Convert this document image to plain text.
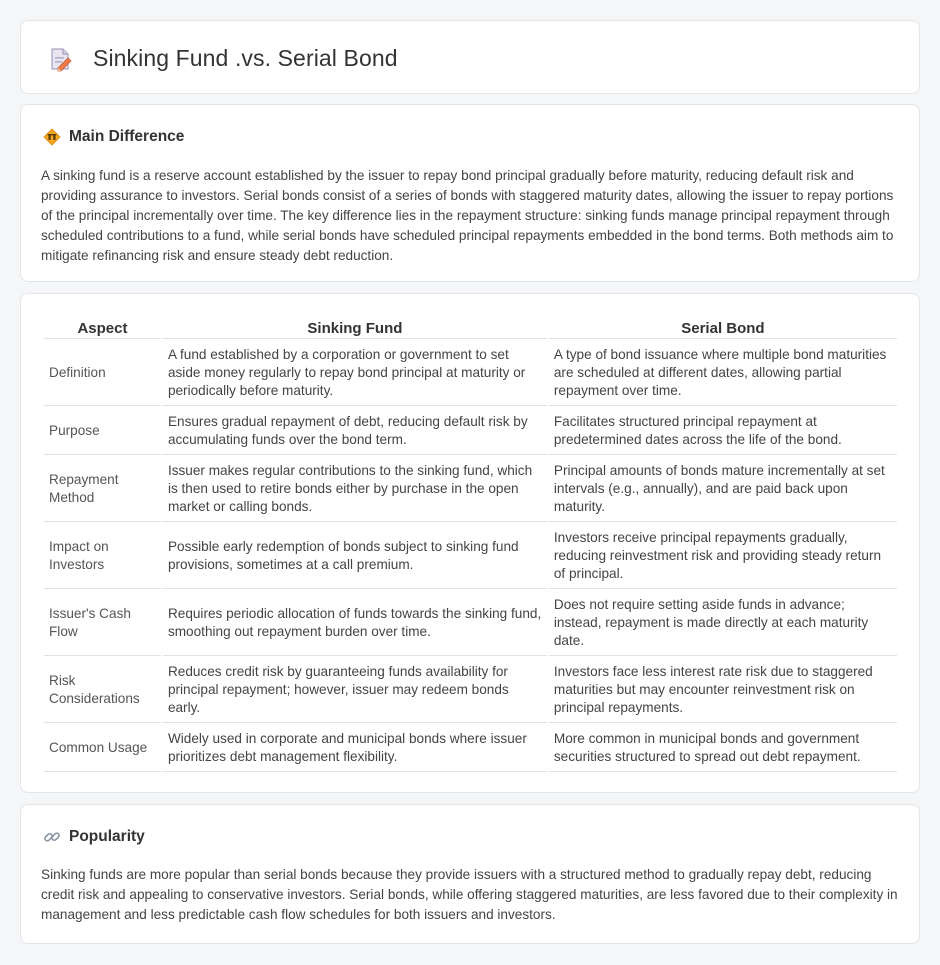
Sinking Fund .vs. Serial Bond
Main Difference

A sinking fund is a reserve account established by the issuer to repay bond principal gradually before maturity, reducing default risk and providing assurance to investors. Serial bonds consist of a series of bonds with staggered maturity dates, allowing the issuer to repay portions of the principal incrementally over time. The key difference lies in the repayment structure: sinking funds manage principal repayment through scheduled contributions to a fund, while serial bonds have scheduled principal repayments embedded in the bond terms. Both methods aim to mitigate refinancing risk and ensure steady debt reduction.

Aspect	Sinking Fund	Serial Bond
Definition	A fund established by a corporation or government to set aside money regularly to repay bond principal at maturity or periodically before maturity.	A type of bond issuance where multiple bond maturities are scheduled at different dates, allowing partial repayment over time.
Purpose	Ensures gradual repayment of debt, reducing default risk by accumulating funds over the bond term.	Facilitates structured principal repayment at predetermined dates across the life of the bond.
Repayment Method	Issuer makes regular contributions to the sinking fund, which is then used to retire bonds either by purchase in the open market or calling bonds.	Principal amounts of bonds mature incrementally at set intervals (e.g., annually), and are paid back upon maturity.
Impact on Investors	Possible early redemption of bonds subject to sinking fund provisions, sometimes at a call premium.	Investors receive principal repayments gradually, reducing reinvestment risk and providing steady return of principal.
Issuer's Cash Flow	Requires periodic allocation of funds towards the sinking fund, smoothing out repayment burden over time.	Does not require setting aside funds in advance; instead, repayment is made directly at each maturity date.
Risk Considerations	Reduces credit risk by guaranteeing funds availability for principal repayment; however, issuer may redeem bonds early.	Investors face less interest rate risk due to staggered maturities but may encounter reinvestment risk on principal repayments.
Common Usage	Widely used in corporate and municipal bonds where issuer prioritizes debt management flexibility.	More common in municipal bonds and government securities structured to spread out debt repayment.
Popularity

Sinking funds are more popular than serial bonds because they provide issuers with a structured method to gradually repay debt, reducing credit risk and appealing to conservative investors. Serial bonds, while offering staggered maturities, are less favored due to their complexity in management and less predictable cash flow schedules for both issuers and investors.
